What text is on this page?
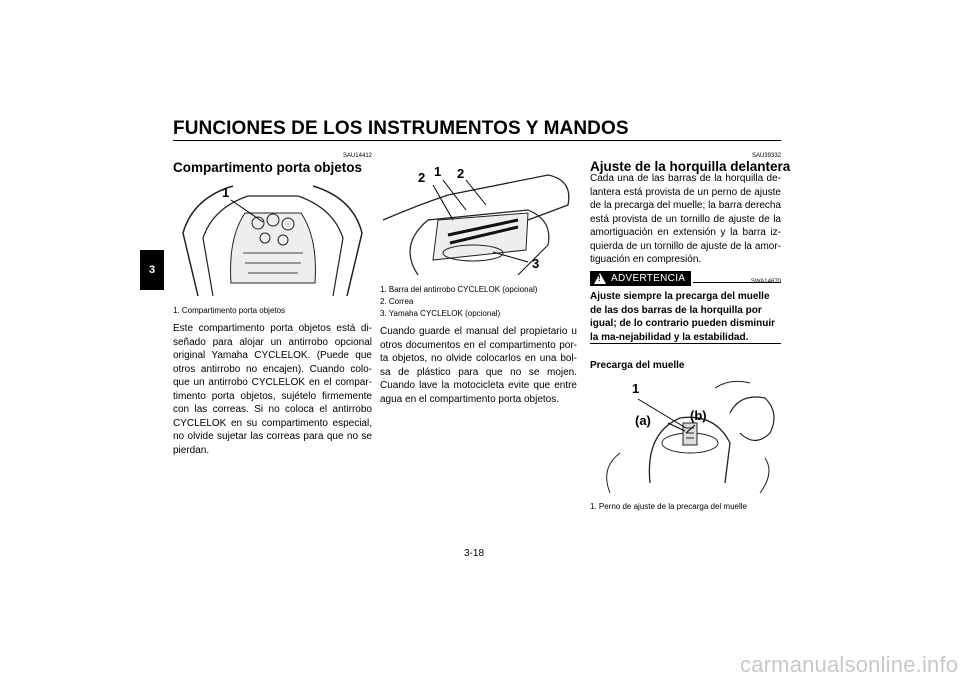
FUNCIONES DE LOS INSTRUMENTOS Y MANDOS
3
SAU14412
Compartimento porta objetos
1
1. Compartimento porta objetos
Este compartimento porta objetos está di-señado para alojar un antirrobo opcional original Yamaha CYCLELOK. (Puede que otros antirrobo no encajen). Cuando colo-que un antirrobo CYCLELOK en el compar-timento porta objetos, sujételo firmemente con las correas. Si no coloca el antirrobo CYCLELOK en su compartimento especial, no olvide sujetar las correas para que no se pierdan.
2 1 2
3
1. Barra del antirrobo CYCLELOK (opcional)
2. Correa
3. Yamaha CYCLELOK (opcional)
Cuando guarde el manual del propietario u otros documentos en el compartimento por-ta objetos, no olvide colocarlos en una bol-sa de plástico para que no se mojen. Cuando lave la motocicleta evite que entre agua en el compartimento porta objetos.
SAU39332
Ajuste de la horquilla delantera
Cada una de las barras de la horquilla de-lantera está provista de un perno de ajuste de la precarga del muelle; la barra derecha está provista de un tornillo de ajuste de la amortiguación en extensión y la barra iz-quierda de un tornillo de ajuste de la amor-tiguación en compresión.
! ADVERTENCIA	SWA14670
Ajuste siempre la precarga del muelle de las dos barras de la horquilla por igual; de lo contrario pueden disminuir la ma-nejabilidad y la estabilidad.
Precarga del muelle
1
(a)	(b)
1. Perno de ajuste de la precarga del muelle
3-18
carmanualsonline.info
